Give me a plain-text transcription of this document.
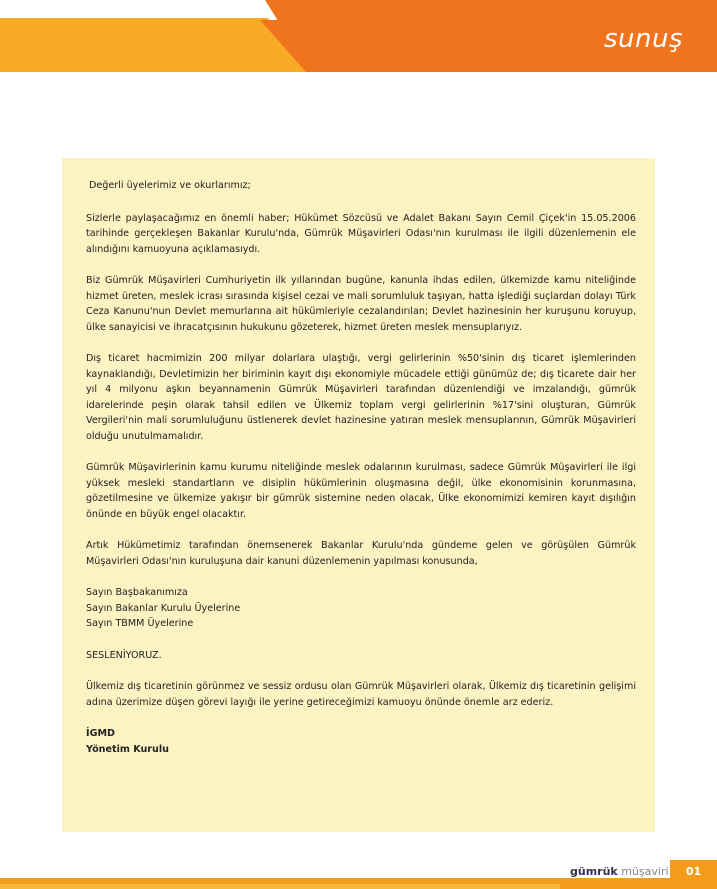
sunuş

Değerli üyelerimiz ve okurlarımız;

Sizlerle paylaşacağımız en önemli haber; Hükümet Sözcüsü ve Adalet Bakanı Sayın Cemil Çiçek'in 15.05.2006 tarihinde gerçekleşen Bakanlar Kurulu'nda, Gümrük Müşavirleri Odası'nın kurulması ile ilgili düzenlemenin ele alındığını kamuoyuna açıklamasıydı.

Biz Gümrük Müşavirleri Cumhuriyetin ilk yıllarından bugüne, kanunla ihdas edilen, ülkemizde kamu niteliğinde hizmet üreten, meslek icrası sırasında kişisel cezai ve mali sorumluluk taşıyan, hatta işlediği suçlardan dolayı Türk Ceza Kanunu'nun Devlet memurlarına ait hükümleriyle cezalandırılan; Devlet hazinesinin her kuruşunu koruyup, ülke sanayicisi ve ihracatçısının hukukunu gözeterek, hizmet üreten meslek mensuplarıyız.

Dış ticaret hacmimizin 200 milyar dolarlara ulaştığı, vergi gelirlerinin %50'sinin dış ticaret işlemlerinden kaynaklandığı, Devletimizin her biriminin kayıt dışı ekonomiyle mücadele ettiği günümüz de; dış ticarete dair her yıl 4 milyonu aşkın beyannamenin Gümrük Müşavirleri tarafından düzenlendiği ve imzalandığı, gümrük idarelerinde peşin olarak tahsil edilen ve Ülkemiz toplam vergi gelirlerinin %17'sini oluşturan, Gümrük Vergileri'nin mali sorumluluğunu üstlenerek devlet hazinesine yatıran meslek mensuplarının, Gümrük Müşavirleri olduğu unutulmamalıdır.

Gümrük Müşavirlerinin kamu kurumu niteliğinde meslek odalarının kurulması, sadece Gümrük Müşavirleri ile ilgi yüksek mesleki standartların ve disiplin hükümlerinin oluşmasına değil, ülke ekonomisinin korunmasına, gözetilmesine ve ülkemize yakışır bir gümrük sistemine neden olacak, Ülke ekonomimizi kemiren kayıt dışılığın önünde en büyük engel olacaktır.

Artık Hükümetimiz tarafından önemsenerek Bakanlar Kurulu'nda gündeme gelen ve görüşülen Gümrük Müşavirleri Odası'nın kuruluşuna dair kanuni düzenlemenin yapılması konusunda,

Sayın Başbakanımıza

Sayın Bakanlar Kurulu Üyelerine

Sayın TBMM Üyelerine

SESLENİYORUZ.

Ülkemiz dış ticaretinin görünmez ve sessiz ordusu olan Gümrük Müşavirleri olarak, Ülkemiz dış ticaretinin gelişimi adına üzerimize düşen görevi layığı ile yerine getireceğimizi kamuoyu önünde önemle arz ederiz.

İGMD

Yönetim Kurulu

gümrük müşaviri	01
